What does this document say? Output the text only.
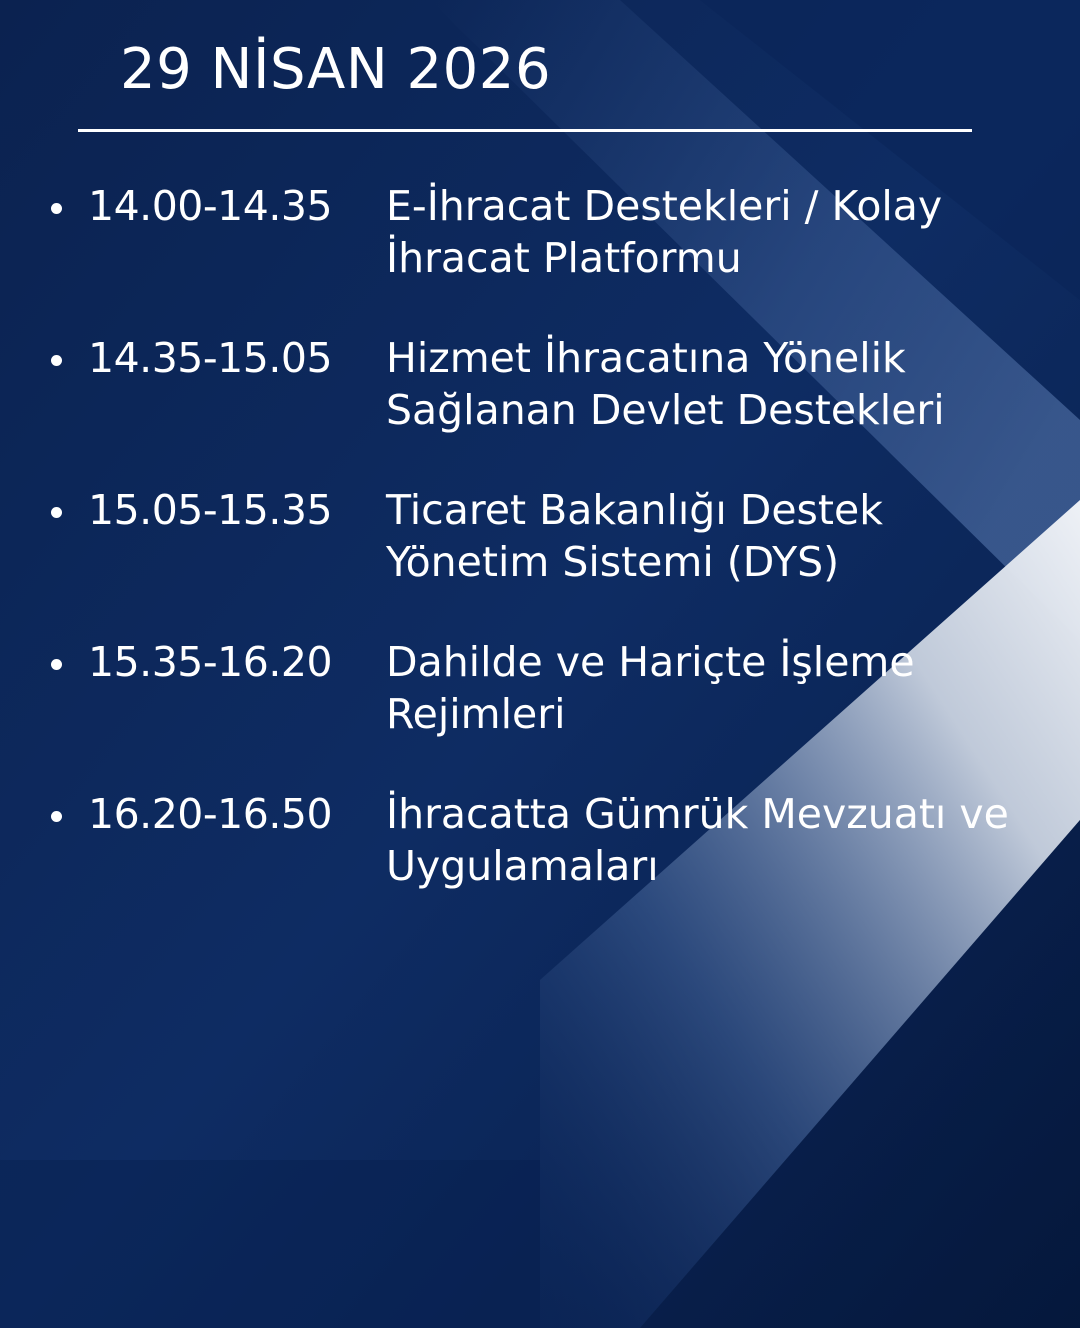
29 NİSAN 2026
14.00-14.35 E-İhracat Destekleri / Kolay
İhracat Platformu
14.35-15.05 Hizmet İhracatına Yönelik
Sağlanan Devlet Destekleri
15.05-15.35 Ticaret Bakanlığı Destek
Yönetim Sistemi (DYS)
15.35-16.20 Dahilde ve Hariçte İşleme
Rejimleri
16.20-16.50 İhracatta Gümrük Mevzuatı ve
Uygulamaları
